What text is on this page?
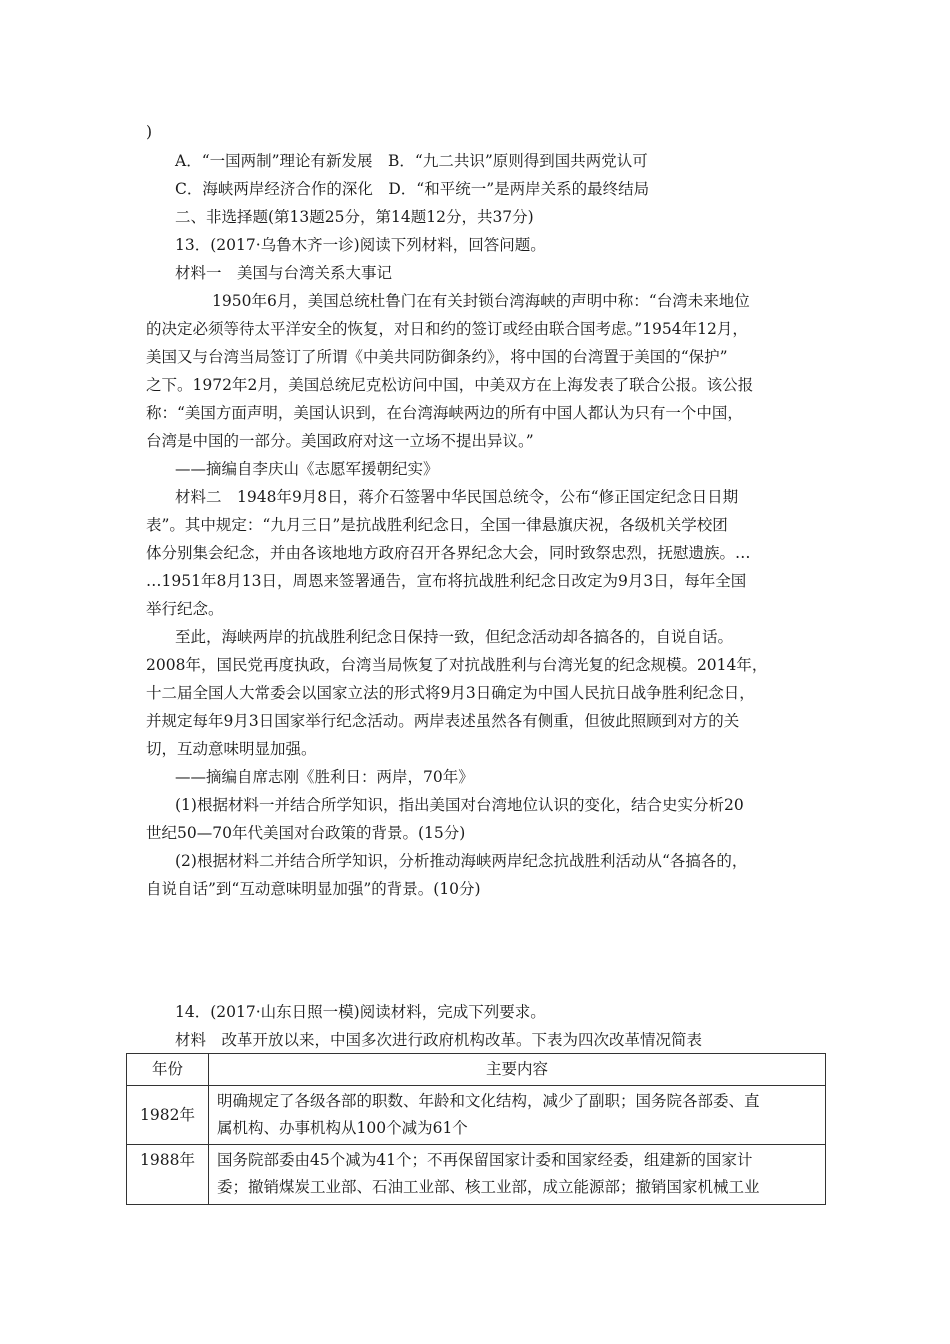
)
A．“一国两制”理论有新发展　B．“九二共识”原则得到国共两党认可
C．海峡两岸经济合作的深化　D．“和平统一”是两岸关系的最终结局
二、非选择题(第13题25分，第14题12分，共37分)
13．(2017·乌鲁木齐一诊)阅读下列材料，回答问题。
材料一　美国与台湾关系大事记
1950年6月，美国总统杜鲁门在有关封锁台湾海峡的声明中称：“台湾未来地位
的决定必须等待太平洋安全的恢复，对日和约的签订或经由联合国考虑。”1954年12月，
美国又与台湾当局签订了所谓《中美共同防御条约》，将中国的台湾置于美国的“保护”
之下。1972年2月，美国总统尼克松访问中国，中美双方在上海发表了联合公报。该公报
称：“美国方面声明，美国认识到，在台湾海峡两边的所有中国人都认为只有一个中国，
台湾是中国的一部分。美国政府对这一立场不提出异议。”
——摘编自李庆山《志愿军援朝纪实》
材料二　1948年9月8日，蒋介石签署中华民国总统令，公布“修正国定纪念日日期
表”。其中规定：“九月三日”是抗战胜利纪念日，全国一律悬旗庆祝，各级机关学校团
体分别集会纪念，并由各该地地方政府召开各界纪念大会，同时致祭忠烈，抚慰遗族。…
…1951年8月13日，周恩来签署通告，宣布将抗战胜利纪念日改定为9月3日，每年全国
举行纪念。
至此，海峡两岸的抗战胜利纪念日保持一致，但纪念活动却各搞各的，自说自话。
2008年，国民党再度执政，台湾当局恢复了对抗战胜利与台湾光复的纪念规模。2014年，
十二届全国人大常委会以国家立法的形式将9月3日确定为中国人民抗日战争胜利纪念日，
并规定每年9月3日国家举行纪念活动。两岸表述虽然各有侧重，但彼此照顾到对方的关
切，互动意味明显加强。
——摘编自席志刚《胜利日：两岸，70年》
(1)根据材料一并结合所学知识，指出美国对台湾地位认识的变化，结合史实分析20
世纪50—70年代美国对台政策的背景。(15分)
(2)根据材料二并结合所学知识，分析推动海峡两岸纪念抗战胜利活动从“各搞各的，
自说自话”到“互动意味明显加强”的背景。(10分)
14．(2017·山东日照一模)阅读材料，完成下列要求。
材料　改革开放以来，中国多次进行政府机构改革。下表为四次改革情况简表
年份	主要内容
1982年	明确规定了各级各部的职数、年龄和文化结构，减少了副职；国务院各部委、直
属机构、办事机构从100个减为61个

1988年	国务院部委由45个减为41个；不再保留国家计委和国家经委，组建新的国家计
委；撤销煤炭工业部、石油工业部、核工业部，成立能源部；撤销国家机械工业
